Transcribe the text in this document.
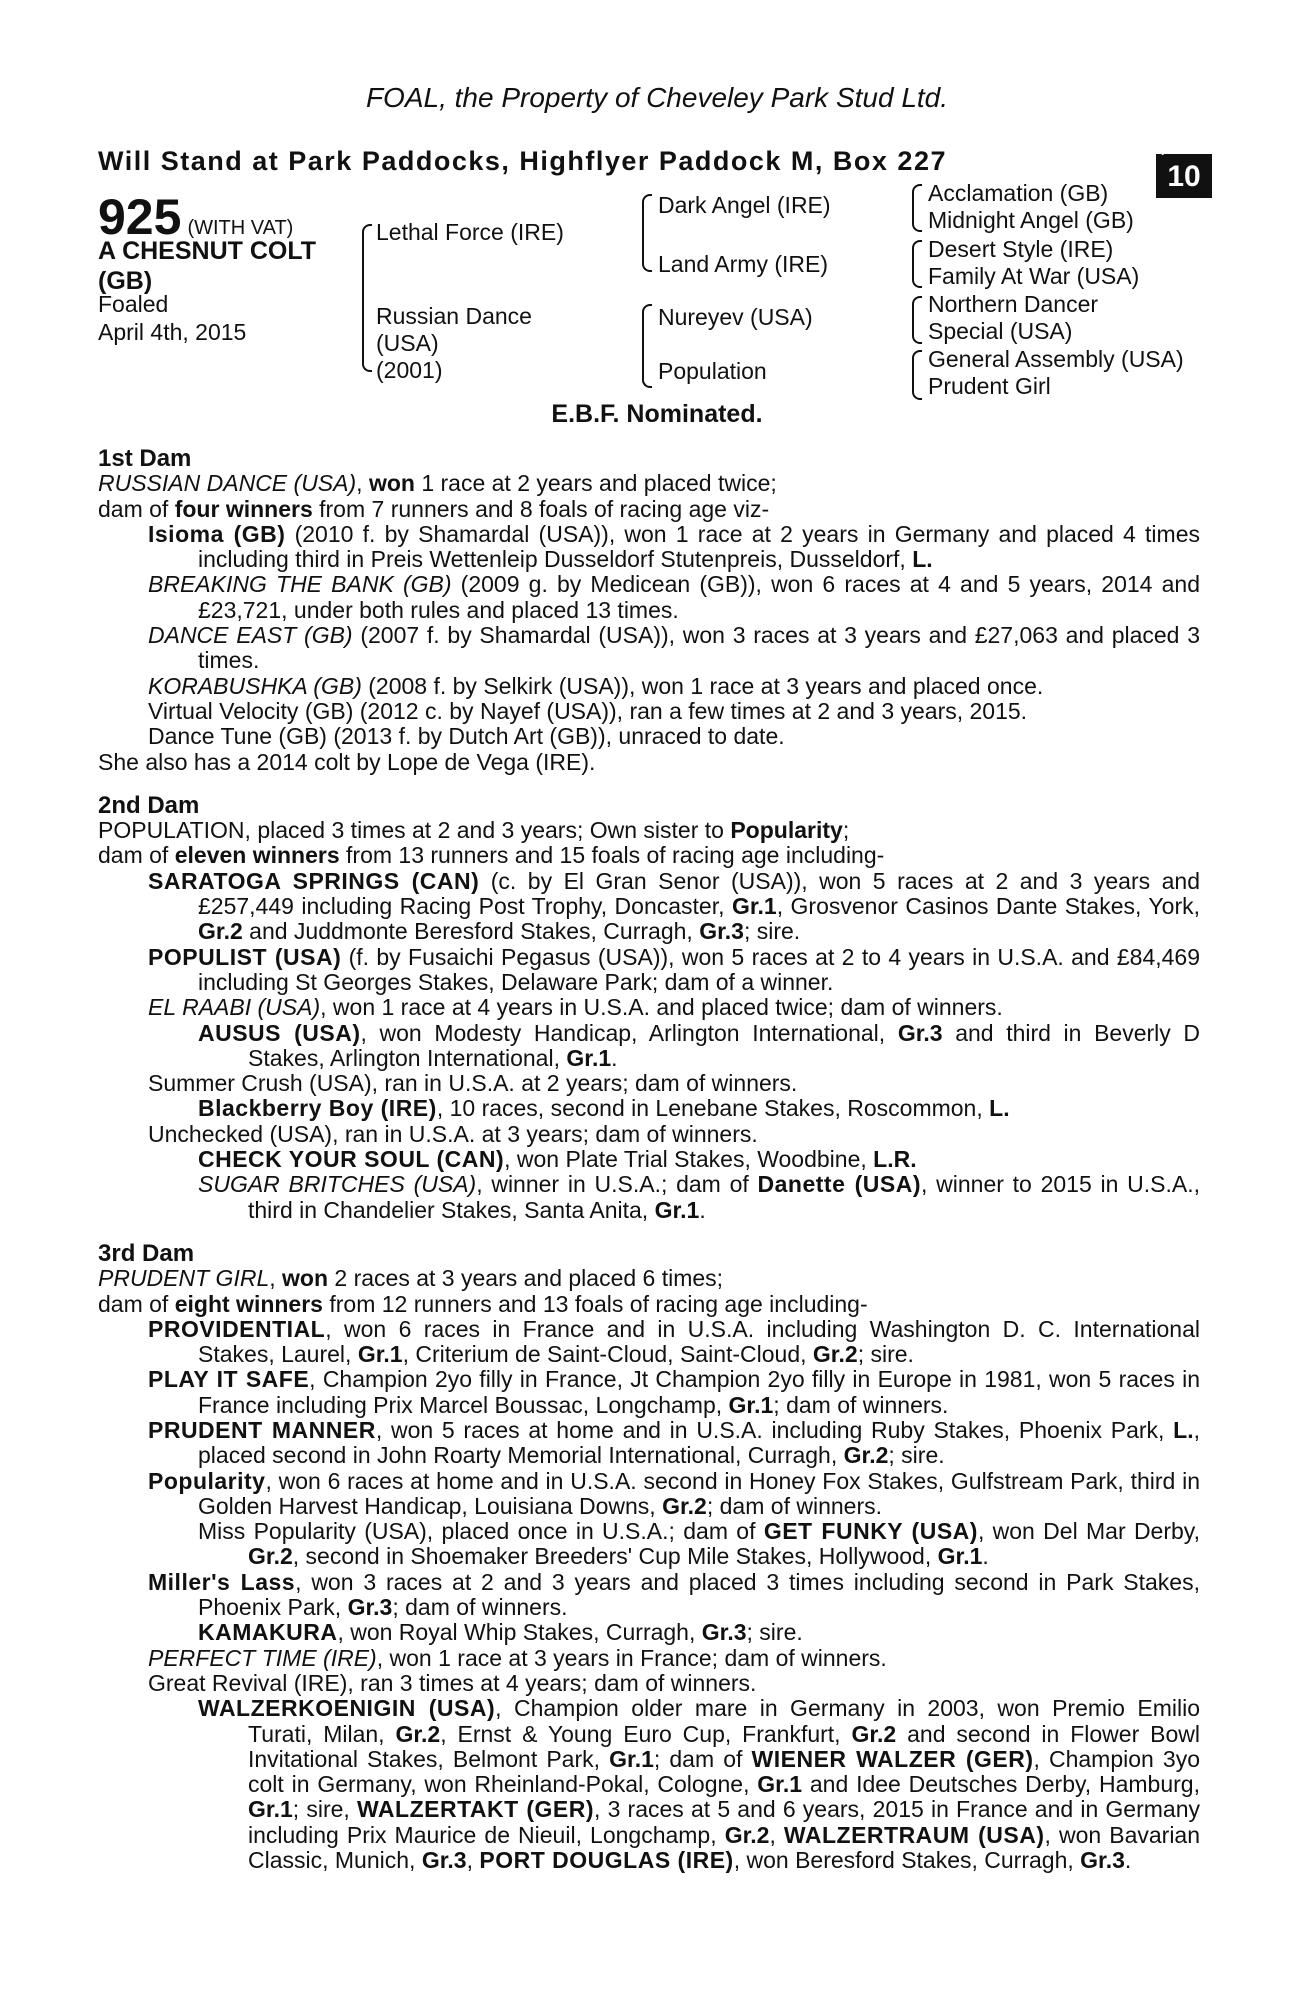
FOAL, the Property of Cheveley Park Stud Ltd.
Will Stand at Park Paddocks, Highflyer Paddock M, Box 227	+
10
925 (WITH VAT)
A CHESNUT COLT
(GB)
Foaled
April 4th, 2015
Lethal Force (IRE)
Russian Dance
(USA)
(2001)
Dark Angel (IRE)
Land Army (IRE)
Nureyev (USA)
Population
Acclamation (GB)
Midnight Angel (GB)
Desert Style (IRE)
Family At War (USA)
Northern Dancer
Special (USA)
General Assembly (USA)
Prudent Girl
E.B.F. Nominated.
1st Dam

RUSSIAN DANCE (USA), won 1 race at 2 years and placed twice;

dam of four winners from 7 runners and 8 foals of racing age viz-

Isioma (GB) (2010 f. by Shamardal (USA)), won 1 race at 2 years in Germany and placed 4 times including third in Preis Wettenleip Dusseldorf Stutenpreis, Dusseldorf, L.

BREAKING THE BANK (GB) (2009 g. by Medicean (GB)), won 6 races at 4 and 5 years, 2014 and £23,721, under both rules and placed 13 times.

DANCE EAST (GB) (2007 f. by Shamardal (USA)), won 3 races at 3 years and £27,063 and placed 3 times.

KORABUSHKA (GB) (2008 f. by Selkirk (USA)), won 1 race at 3 years and placed once.

Virtual Velocity (GB) (2012 c. by Nayef (USA)), ran a few times at 2 and 3 years, 2015.

Dance Tune (GB) (2013 f. by Dutch Art (GB)), unraced to date.

She also has a 2014 colt by Lope de Vega (IRE).

2nd Dam

POPULATION, placed 3 times at 2 and 3 years; Own sister to Popularity;

dam of eleven winners from 13 runners and 15 foals of racing age including-

SARATOGA SPRINGS (CAN) (c. by El Gran Senor (USA)), won 5 races at 2 and 3 years and £257,449 including Racing Post Trophy, Doncaster, Gr.1, Grosvenor Casinos Dante Stakes, York, Gr.2 and Juddmonte Beresford Stakes, Curragh, Gr.3; sire.

POPULIST (USA) (f. by Fusaichi Pegasus (USA)), won 5 races at 2 to 4 years in U.S.A. and £84,469 including St Georges Stakes, Delaware Park; dam of a winner.

EL RAABI (USA), won 1 race at 4 years in U.S.A. and placed twice; dam of winners.

AUSUS (USA), won Modesty Handicap, Arlington International, Gr.3 and third in Beverly D Stakes, Arlington International, Gr.1.

Summer Crush (USA), ran in U.S.A. at 2 years; dam of winners.

Blackberry Boy (IRE), 10 races, second in Lenebane Stakes, Roscommon, L.

Unchecked (USA), ran in U.S.A. at 3 years; dam of winners.

CHECK YOUR SOUL (CAN), won Plate Trial Stakes, Woodbine, L.R.

SUGAR BRITCHES (USA), winner in U.S.A.; dam of Danette (USA), winner to 2015 in U.S.A., third in Chandelier Stakes, Santa Anita, Gr.1.

3rd Dam

PRUDENT GIRL, won 2 races at 3 years and placed 6 times;

dam of eight winners from 12 runners and 13 foals of racing age including-

PROVIDENTIAL, won 6 races in France and in U.S.A. including Washington D. C. International Stakes, Laurel, Gr.1, Criterium de Saint-Cloud, Saint-Cloud, Gr.2; sire.

PLAY IT SAFE, Champion 2yo filly in France, Jt Champion 2yo filly in Europe in 1981, won 5 races in France including Prix Marcel Boussac, Longchamp, Gr.1; dam of winners.

PRUDENT MANNER, won 5 races at home and in U.S.A. including Ruby Stakes, Phoenix Park, L., placed second in John Roarty Memorial International, Curragh, Gr.2; sire.

Popularity, won 6 races at home and in U.S.A. second in Honey Fox Stakes, Gulfstream Park, third in Golden Harvest Handicap, Louisiana Downs, Gr.2; dam of winners.

Miss Popularity (USA), placed once in U.S.A.; dam of GET FUNKY (USA), won Del Mar Derby, Gr.2, second in Shoemaker Breeders' Cup Mile Stakes, Hollywood, Gr.1.

Miller's Lass, won 3 races at 2 and 3 years and placed 3 times including second in Park Stakes, Phoenix Park, Gr.3; dam of winners.

KAMAKURA, won Royal Whip Stakes, Curragh, Gr.3; sire.

PERFECT TIME (IRE), won 1 race at 3 years in France; dam of winners.

Great Revival (IRE), ran 3 times at 4 years; dam of winners.

WALZERKOENIGIN (USA), Champion older mare in Germany in 2003, won Premio Emilio Turati, Milan, Gr.2, Ernst & Young Euro Cup, Frankfurt, Gr.2 and second in Flower Bowl Invitational Stakes, Belmont Park, Gr.1; dam of WIENER WALZER (GER), Champion 3yo colt in Germany, won Rheinland-Pokal, Cologne, Gr.1 and Idee Deutsches Derby, Hamburg, Gr.1; sire, WALZERTAKT (GER), 3 races at 5 and 6 years, 2015 in France and in Germany including Prix Maurice de Nieuil, Longchamp, Gr.2, WALZERTRAUM (USA), won Bavarian Classic, Munich, Gr.3, PORT DOUGLAS (IRE), won Beresford Stakes, Curragh, Gr.3.
